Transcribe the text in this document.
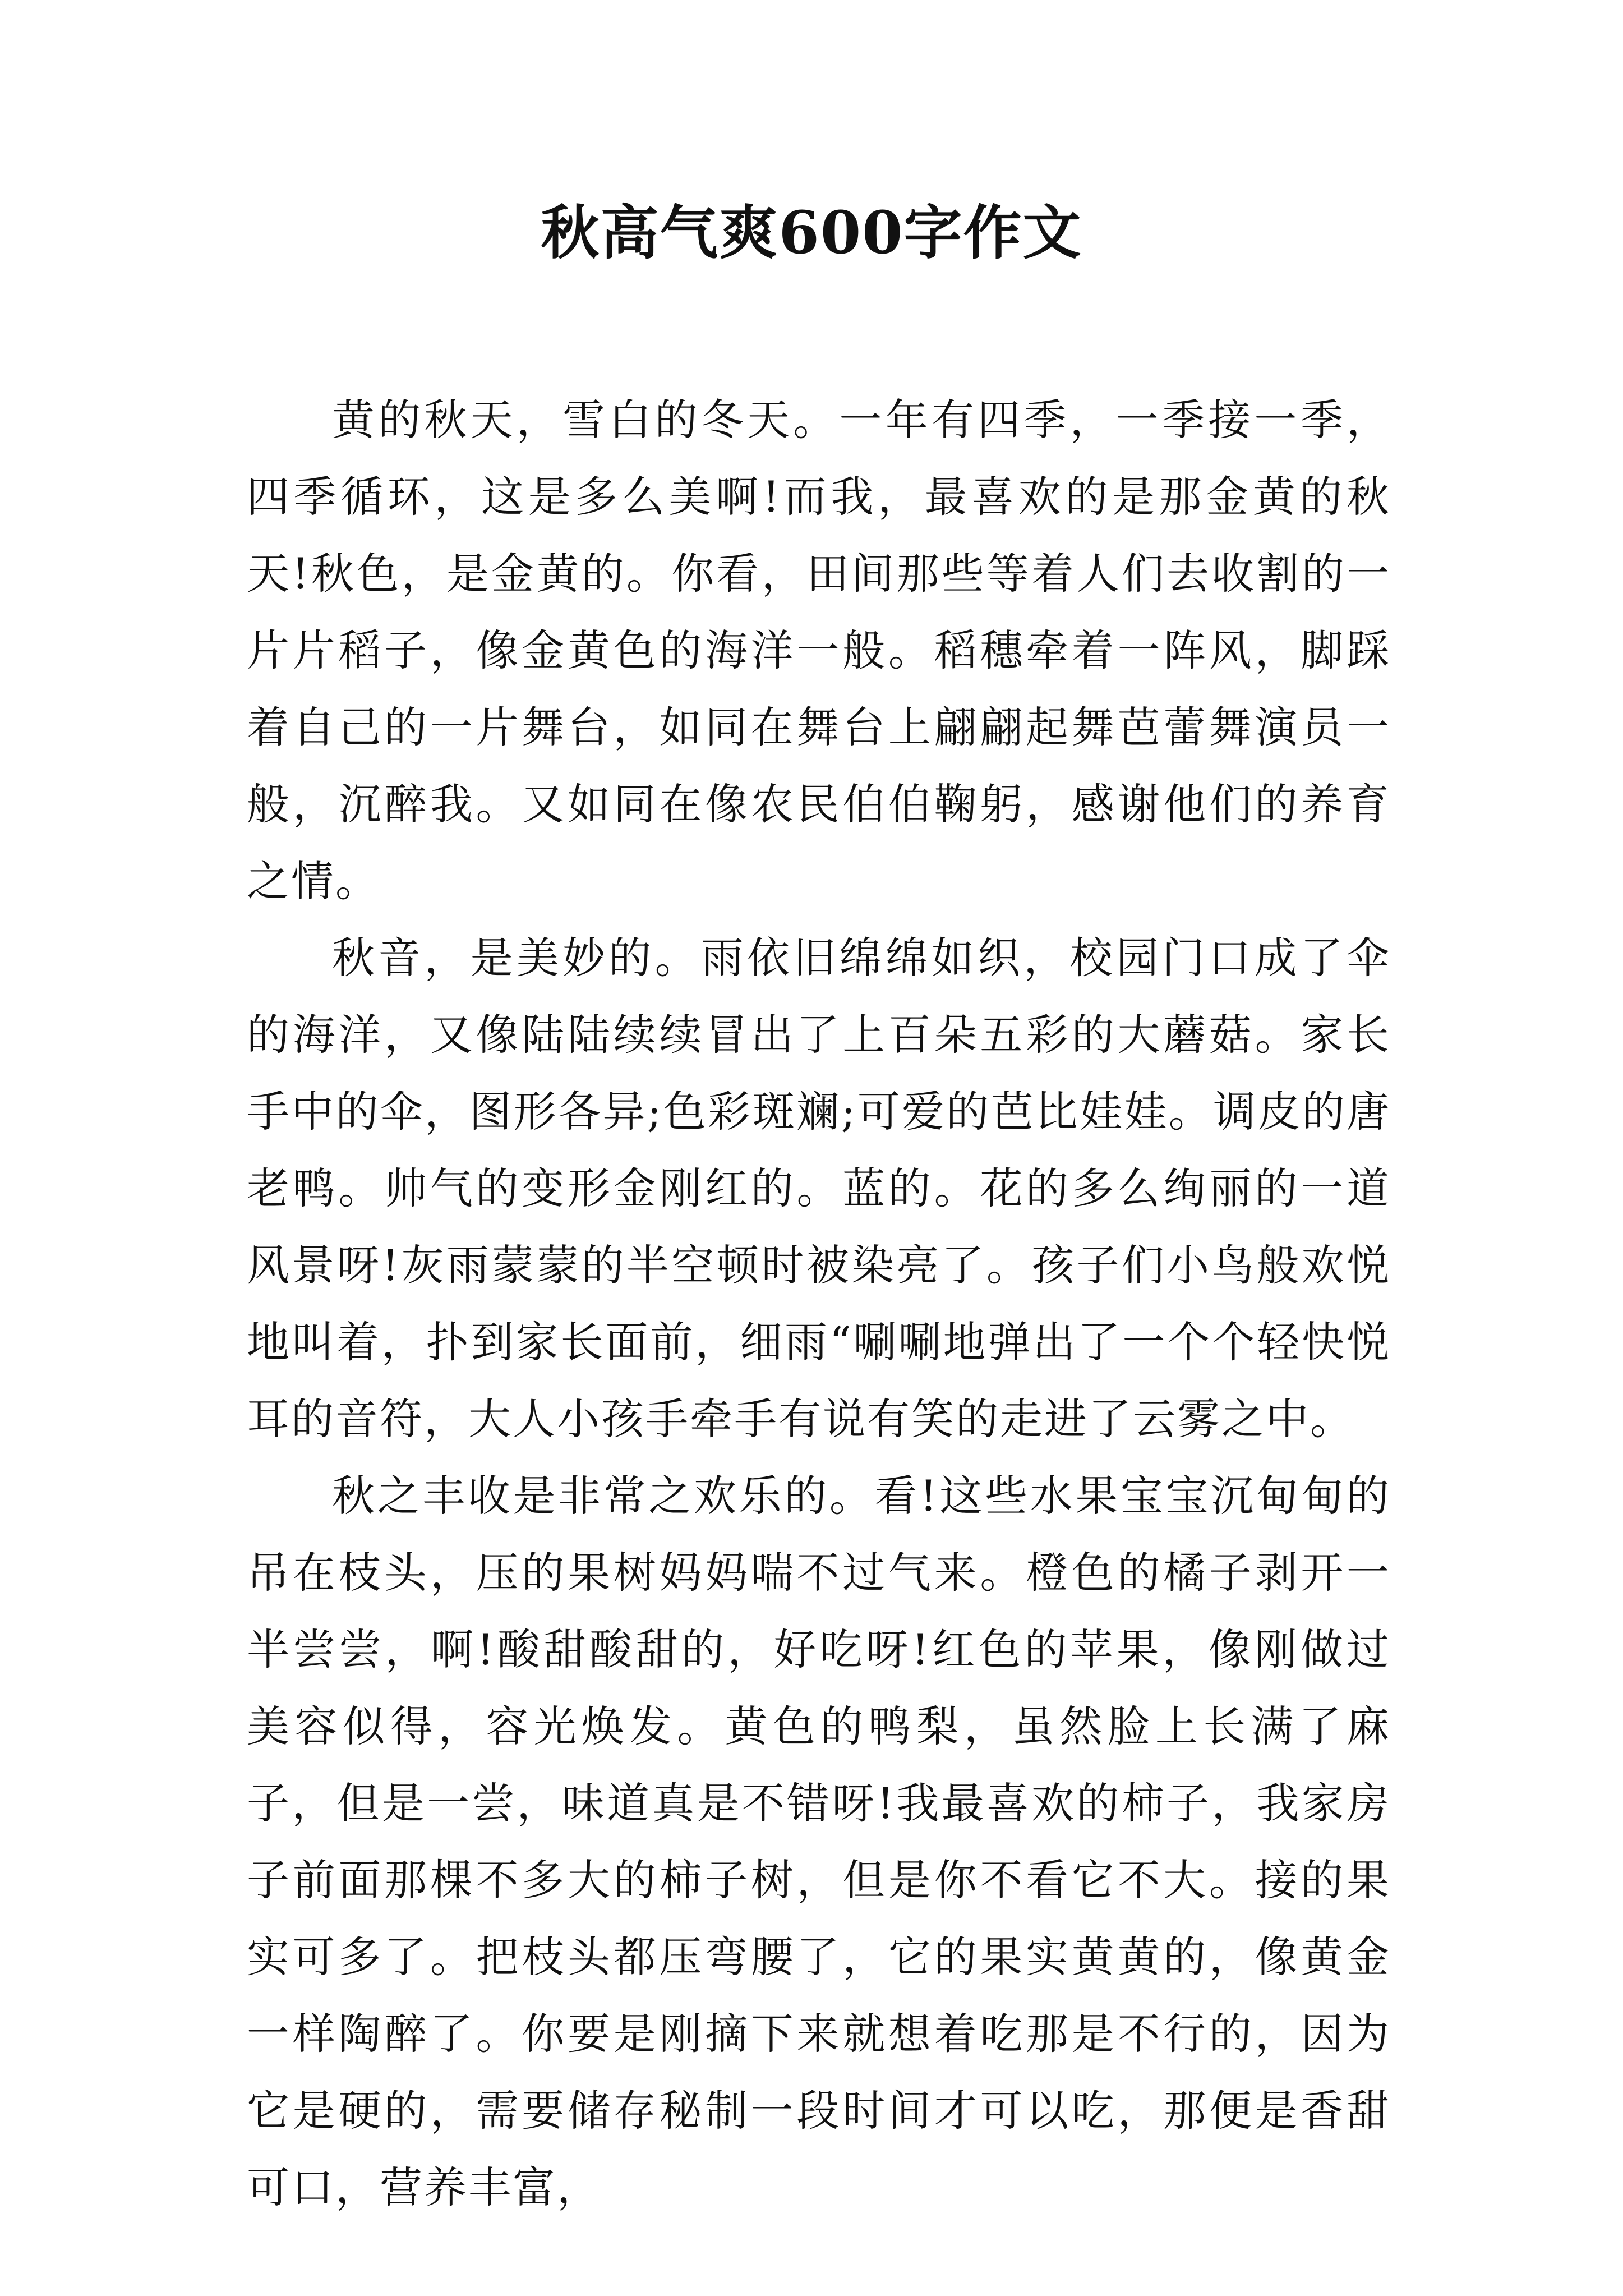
秋高气爽600字作文

黄的秋天，雪白的冬天。一年有四季，一季接一季，四季循环，这是多么美啊!而我，最喜欢的是那金黄的秋天!秋色，是金黄的。你看，田间那些等着人们去收割的一片片稻子，像金黄色的海洋一般。稻穗牵着一阵风，脚踩着自己的一片舞台，如同在舞台上翩翩起舞芭蕾舞演员一般，沉醉我。又如同在像农民伯伯鞠躬，感谢他们的养育之情。

秋音，是美妙的。雨依旧绵绵如织，校园门口成了伞的海洋，又像陆陆续续冒出了上百朵五彩的大蘑菇。家长手中的伞，图形各异;色彩斑斓;可爱的芭比娃娃。调皮的唐老鸭。帅气的变形金刚红的。蓝的。花的多么绚丽的一道风景呀!灰雨蒙蒙的半空顿时被染亮了。孩子们小鸟般欢悦地叫着，扑到家长面前，细雨“唰唰地弹出了一个个轻快悦耳的音符，大人小孩手牵手有说有笑的走进了云雾之中。

秋之丰收是非常之欢乐的。看!这些水果宝宝沉甸甸的吊在枝头，压的果树妈妈喘不过气来。橙色的橘子剥开一半尝尝，啊!酸甜酸甜的，好吃呀!红色的苹果，像刚做过美容似得，容光焕发。黄色的鸭梨，虽然脸上长满了麻子，但是一尝，味道真是不错呀!我最喜欢的柿子，我家房子前面那棵不多大的柿子树，但是你不看它不大。接的果实可多了。把枝头都压弯腰了，它的果实黄黄的，像黄金一样陶醉了。你要是刚摘下来就想着吃那是不行的，因为它是硬的，需要储存秘制一段时间才可以吃，那便是香甜可口，营养丰富，
